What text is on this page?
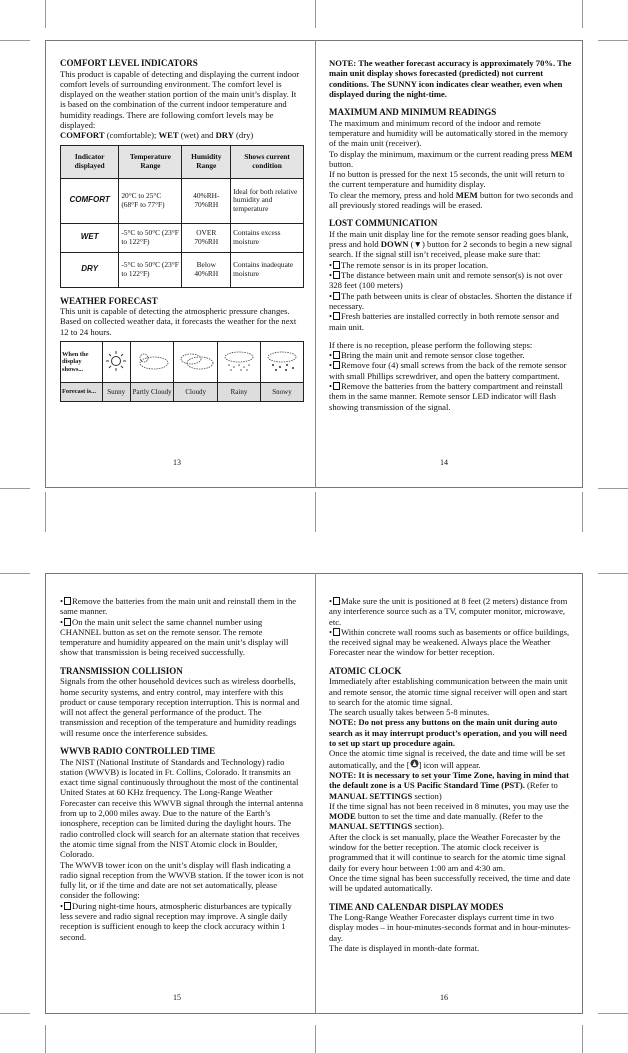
COMFORT LEVEL INDICATORS

This product is capable of detecting and displaying the current indoor comfort levels of surrounding environment. The comfort level is displayed on the weather station portion of the main unit’s display. It is based on the combination of the current indoor temperature and humidity readings. There are following comfort levels may be displayed:

COMFORT (comfortable); WET (wet) and DRY (dry)

Indicator displayed	Temperature Range	Humidity Range	Shows current condition
COMFORT	20°C to 25°C (68°F to 77°F)	40%RH-70%RH	Ideal for both relative humidity and temperature
WET	-5°C to 50°C (23°F to 122°F)	OVER 70%RH	Contains excess moisture
DRY	-5°C to 50°C (23°F to 122°F)	Below 40%RH	Contains inadequate moisture
WEATHER FORECAST

This unit is capable of detecting the atmospheric pressure changes. Based on collected weather data, it forecasts the weather for the next 12 to 24 hours.

When the display shows...					
Forecast is...	Sunny	Partly Cloudy	Cloudy	Rainy	Snowy
13

NOTE: The weather forecast accuracy is approximately 70%. The main unit display shows forecasted (predicted) not current conditions. The SUNNY icon indicates clear weather, even when displayed during the night-time.

MAXIMUM AND MINIMUM READINGS

The maximum and minimum record of the indoor and remote temperature and humidity will be automatically stored in the memory of the main unit (receiver).

To display the minimum, maximum or the current reading press MEM button.

If no button is pressed for the next 15 seconds, the unit will return to the current temperature and humidity display.

To clear the memory, press and hold MEM button for two seconds and all previously stored readings will be erased.

LOST COMMUNICATION

If the main unit display line for the remote sensor reading goes blank, press and hold DOWN (▼) button for 2 seconds to begin a new signal search. If the signal still isn’t received, please make sure that:

• The remote sensor is in its proper location.

• The distance between main unit and remote sensor(s) is not over 328 feet (100 meters)

• The path between units is clear of obstacles. Shorten the distance if necessary.

• Fresh batteries are installed correctly in both remote sensor and main unit.

If there is no reception, please perform the following steps:

• Bring the main unit and remote sensor close together.

• Remove four (4) small screws from the back of the remote sensor with small Phillips screwdriver, and open the battery compartment.

• Remove the batteries from the battery compartment and reinstall them in the same manner. Remote sensor LED indicator will flash showing transmission of the signal.

14

• Remove the batteries from the main unit and reinstall them in the same manner.

• On the main unit select the same channel number using CHANNEL button as set on the remote sensor. The remote temperature and humidity appeared on the main unit’s display will show that transmission is being received successfully.

TRANSMISSION COLLISION

Signals from the other household devices such as wireless doorbells, home security systems, and entry control, may interfere with this product or cause temporary reception interruption. This is normal and will not affect the general performance of the product. The transmission and reception of the temperature and humidity readings will resume once the interference subsides.

WWVB RADIO CONTROLLED TIME

The NIST (National Institute of Standards and Technology) radio station (WWVB) is located in Ft. Collins, Colorado. It transmits an exact time signal continuously throughout the most of the continental United States at 60 KHz frequency. The Long-Range Weather Forecaster can receive this WWVB signal through the internal antenna from up to 2,000 miles away. Due to the nature of the Earth’s ionosphere, reception can be limited during the daylight hours. The radio controlled clock will search for an alternate station that receives the atomic time signal from the NIST Atomic clock in Boulder, Colorado.

The WWVB tower icon on the unit’s display will flash indicating a radio signal reception from the WWVB station. If the tower icon is not fully lit, or if the time and date are not set automatically, please consider the following:

• During night-time hours, atmospheric disturbances are typically less severe and radio signal reception may improve. A single daily reception is sufficient enough to keep the clock accuracy within 1 second.

15

• Make sure the unit is positioned at 8 feet (2 meters) distance from any interference source such as a TV, computer monitor, microwave, etc.

• Within concrete wall rooms such as basements or office buildings, the received signal may be weakened. Always place the Weather Forecaster near the window for better reception.

ATOMIC CLOCK

Immediately after establishing communication between the main unit and remote sensor, the atomic time signal receiver will open and start to search for the atomic time signal.

The search usually takes between 5-8 minutes.

NOTE: Do not press any buttons on the main unit during auto search as it may interrupt product’s operation, and you will need to set up start up procedure again.

Once the atomic time signal is received, the date and time will be set automatically, and the [ ] icon will appear.

NOTE: It is necessary to set your Time Zone, having in mind that the default zone is a US Pacific Standard Time (PST). (Refer to MANUAL SETTINGS section)

If the time signal has not been received in 8 minutes, you may use the MODE button to set the time and date manually. (Refer to the MANUAL SETTINGS section).

After the clock is set manually, place the Weather Forecaster by the window for the better reception. The atomic clock receiver is programmed that it will continue to search for the atomic time signal daily for every hour between 1:00 am and 4:30 am.

Once the time signal has been successfully received, the time and date will be updated automatically.

TIME AND CALENDAR DISPLAY MODES

The Long-Range Weather Forecaster displays current time in two display modes – in hour-minutes-seconds format and in hour-minutes-day.

The date is displayed in month-date format.

16
